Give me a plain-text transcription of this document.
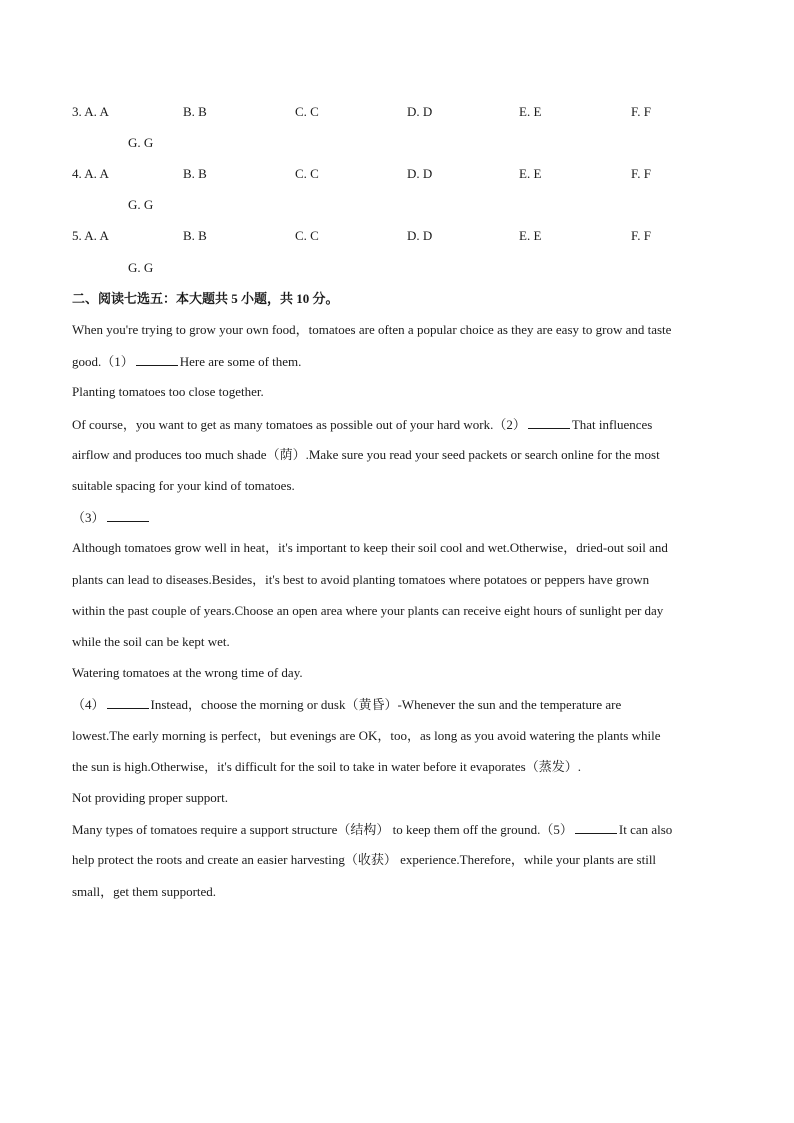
3. A. A	B. B	C. C	D. D	E. E	F. F
G. G
4. A. A	B. B	C. C	D. D	E. E	F. F
G. G
5. A. A	B. B	C. C	D. D	E. E	F. F
G. G
二、阅读七选五：本大题共 5 小题，共 10 分。
When you're trying to grow your own food，tomatoes are often a popular choice as they are easy to grow and taste
good.（1）	Here are some of them.
Planting tomatoes too close together.
Of course，you want to get as many tomatoes as possible out of your hard work.（2）	That influences
airflow and produces too much shade（荫）.Make sure you read your seed packets or search online for the most
suitable spacing for your kind of tomatoes.
（3）
Although tomatoes grow well in heat，it's important to keep their soil cool and wet.Otherwise，dried-out soil and
plants can lead to diseases.Besides，it's best to avoid planting tomatoes where potatoes or peppers have grown
within the past couple of years.Choose an open area where your plants can receive eight hours of sunlight per day
while the soil can be kept wet.
Watering tomatoes at the wrong time of day.
（4）	Instead，choose the morning or dusk（黄昏）-Whenever the sun and the temperature are
lowest.The early morning is perfect，but evenings are OK，too，as long as you avoid watering the plants while
the sun is high.Otherwise，it's difficult for the soil to take in water before it evaporates（蒸发）.
Not providing proper support.
Many types of tomatoes require a support structure（结构） to keep them off the ground.（5）	It can also
help protect the roots and create an easier harvesting（收获） experience.Therefore，while your plants are still
small，get them supported.
